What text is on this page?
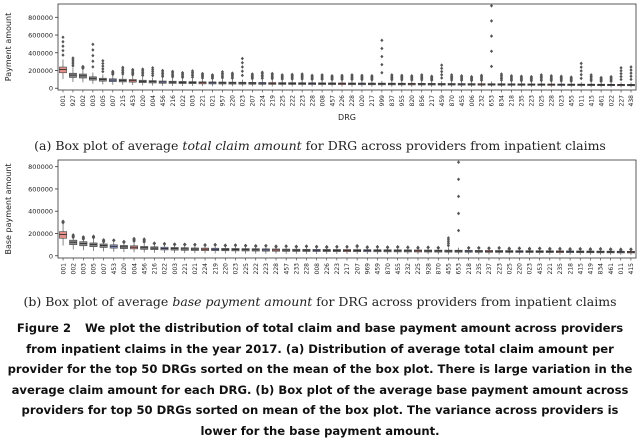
0
200000
400000
600000
800000
Payment amount
001 927 002 003 005 007 215 453 020 004 456 216 022 003 221 021 957 220 023 207 224 219 225 222 223 228 008 457 226 228 020 217 999 837 955 820 856 217 459 870 455 006 232 653 834 218 235 223 025 228 023 455 011 415 461 022 227 438
DRG
(a) Box plot of average total claim amount for DRG across providers from inpatient claims
0
200000
400000
600000
800000
Base payment amount
001 002 003 005 007 453 020 004 456 216 022 003 221 021 224 219 220 023 225 222 223 228 457 233 228 008 226 223 217 207 969 459 870 455 232 225 928 870 455 653 218 235 237 223 025 220 023 453 221 235 218 415 419 834 461 011 415
(b) Box plot of average base payment amount for DRG across providers from inpatient claims
Figure 2 We plot the distribution of total claim and base payment amount across providers from inpatient claims in the year 2017. (a) Distribution of average total claim amount per provider for the top 50 DRGs sorted on the mean of the box plot. There is large variation in the average claim amount for each DRG. (b) Box plot of the average base payment amount across providers for top 50 DRGs sorted on mean of the box plot. The variance across providers is lower for the base payment amount.
